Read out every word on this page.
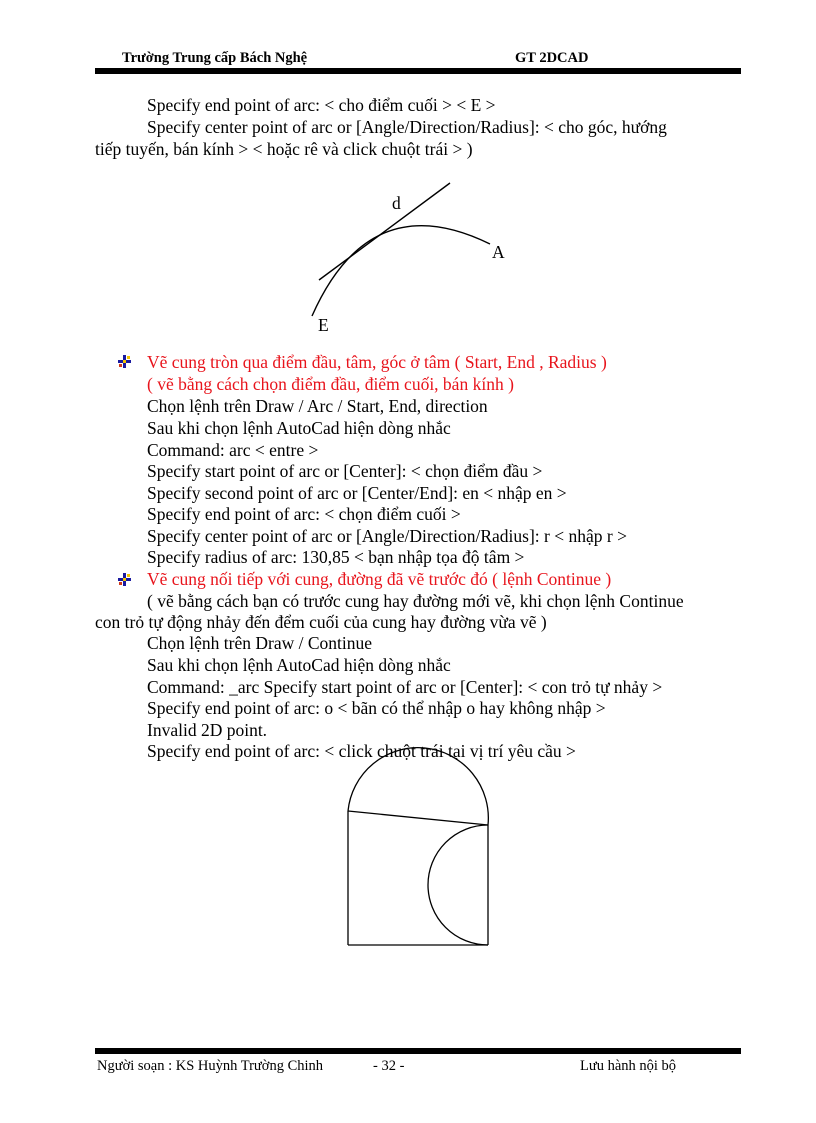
Trường Trung cấp Bách Nghệ	GT 2DCAD
Specify end point of arc: < cho điểm cuối > < E >
Specify center point of arc or [Angle/Direction/Radius]: < cho góc, hướng
tiếp tuyến, bán kính > < hoặc rê và click chuột trái > )
d
A
E
Vẽ cung tròn qua điểm đầu, tâm, góc ở tâm ( Start, End , Radius )
( vẽ bằng cách chọn điểm đầu, điểm cuối, bán kính )
Chọn lệnh trên Draw / Arc / Start, End, direction
Sau khi chọn lệnh AutoCad hiện dòng nhắc
Command: arc < entre >
Specify start point of arc or [Center]: < chọn điểm đầu >
Specify second point of arc or [Center/End]: en < nhập en >
Specify end point of arc: < chọn điểm cuối >
Specify center point of arc or [Angle/Direction/Radius]: r < nhập r >
Specify radius of arc: 130,85 < bạn nhập tọa độ tâm >
Vẽ cung nối tiếp với cung, đường đã vẽ trước đó ( lệnh Continue )
( vẽ bằng cách bạn có trước cung hay đường mới vẽ, khi chọn lệnh Continue
con trỏ tự động nhảy đến đểm cuối của cung hay đường vừa vẽ )
Chọn lệnh trên Draw / Continue
Sau khi chọn lệnh AutoCad hiện dòng nhắc
Command: _arc Specify start point of arc or [Center]: < con trỏ tự nhảy >
Specify end point of arc: o < bãn có thể nhập o hay không nhập >
Invalid 2D point.
Specify end point of arc: < click chuột trái tại vị trí yêu cầu >
Người soạn : KS Huỳnh Trường Chinh	- 32 -	Lưu hành nội bộ
